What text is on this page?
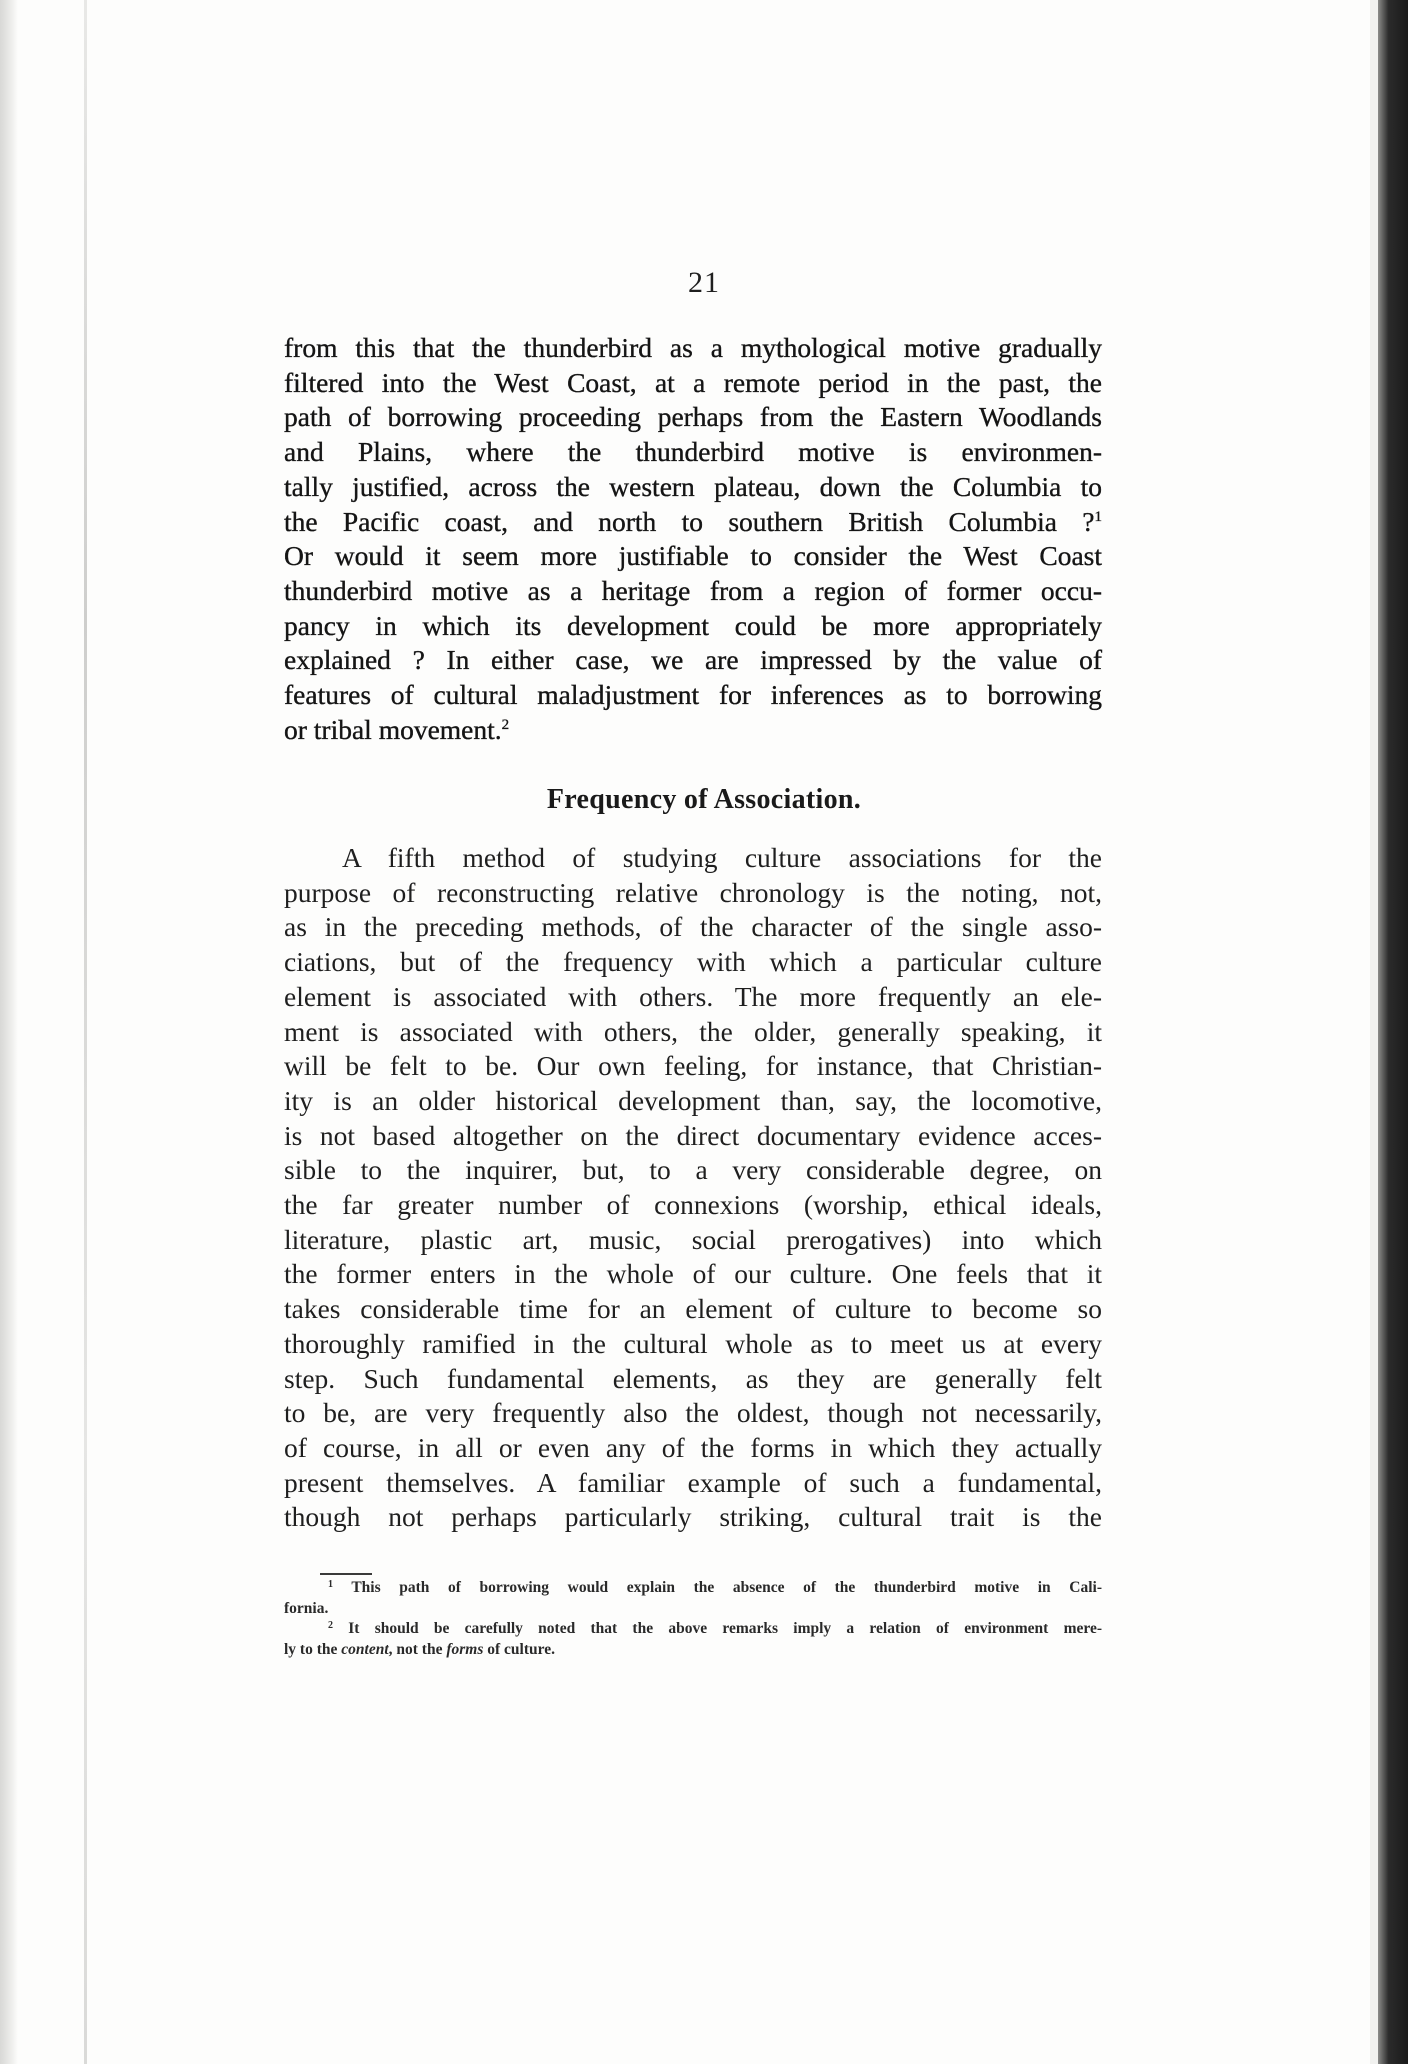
21
from this that the thunderbird as a mythological motive gradually
filtered into the West Coast, at a remote period in the past, the
path of borrowing proceeding perhaps from the Eastern Woodlands
and Plains, where the thunderbird motive is environmen-
tally justified, across the western plateau, down the Columbia to
the Pacific coast, and north to southern British Columbia ?$^1$
Or would it seem more justifiable to consider the West Coast
thunderbird motive as a heritage from a region of former occu-
pancy in which its development could be more appropriately
explained ? In either case, we are impressed by the value of
features of cultural maladjustment for inferences as to borrowing
or tribal movement.$^2$
Frequency of Association.
A fifth method of studying culture associations for the
purpose of reconstructing relative chronology is the noting, not,
as in the preceding methods, of the character of the single asso-
ciations, but of the frequency with which a particular culture
element is associated with others. The more frequently an ele-
ment is associated with others, the older, generally speaking, it
will be felt to be. Our own feeling, for instance, that Christian-
ity is an older historical development than, say, the locomotive,
is not based altogether on the direct documentary evidence acces-
sible to the inquirer, but, to a very considerable degree, on
the far greater number of connexions (worship, ethical ideals,
literature, plastic art, music, social prerogatives) into which
the former enters in the whole of our culture. One feels that it
takes considerable time for an element of culture to become so
thoroughly ramified in the cultural whole as to meet us at every
step. Such fundamental elements, as they are generally felt
to be, are very frequently also the oldest, though not necessarily,
of course, in all or even any of the forms in which they actually
present themselves. A familiar example of such a fundamental,
though not perhaps particularly striking, cultural trait is the
$^1$ This path of borrowing would explain the absence of the thunderbird motive in Cali-
fornia.
$^2$ It should be carefully noted that the above remarks imply a relation of environment mere-
ly to the content, not the forms of culture.
